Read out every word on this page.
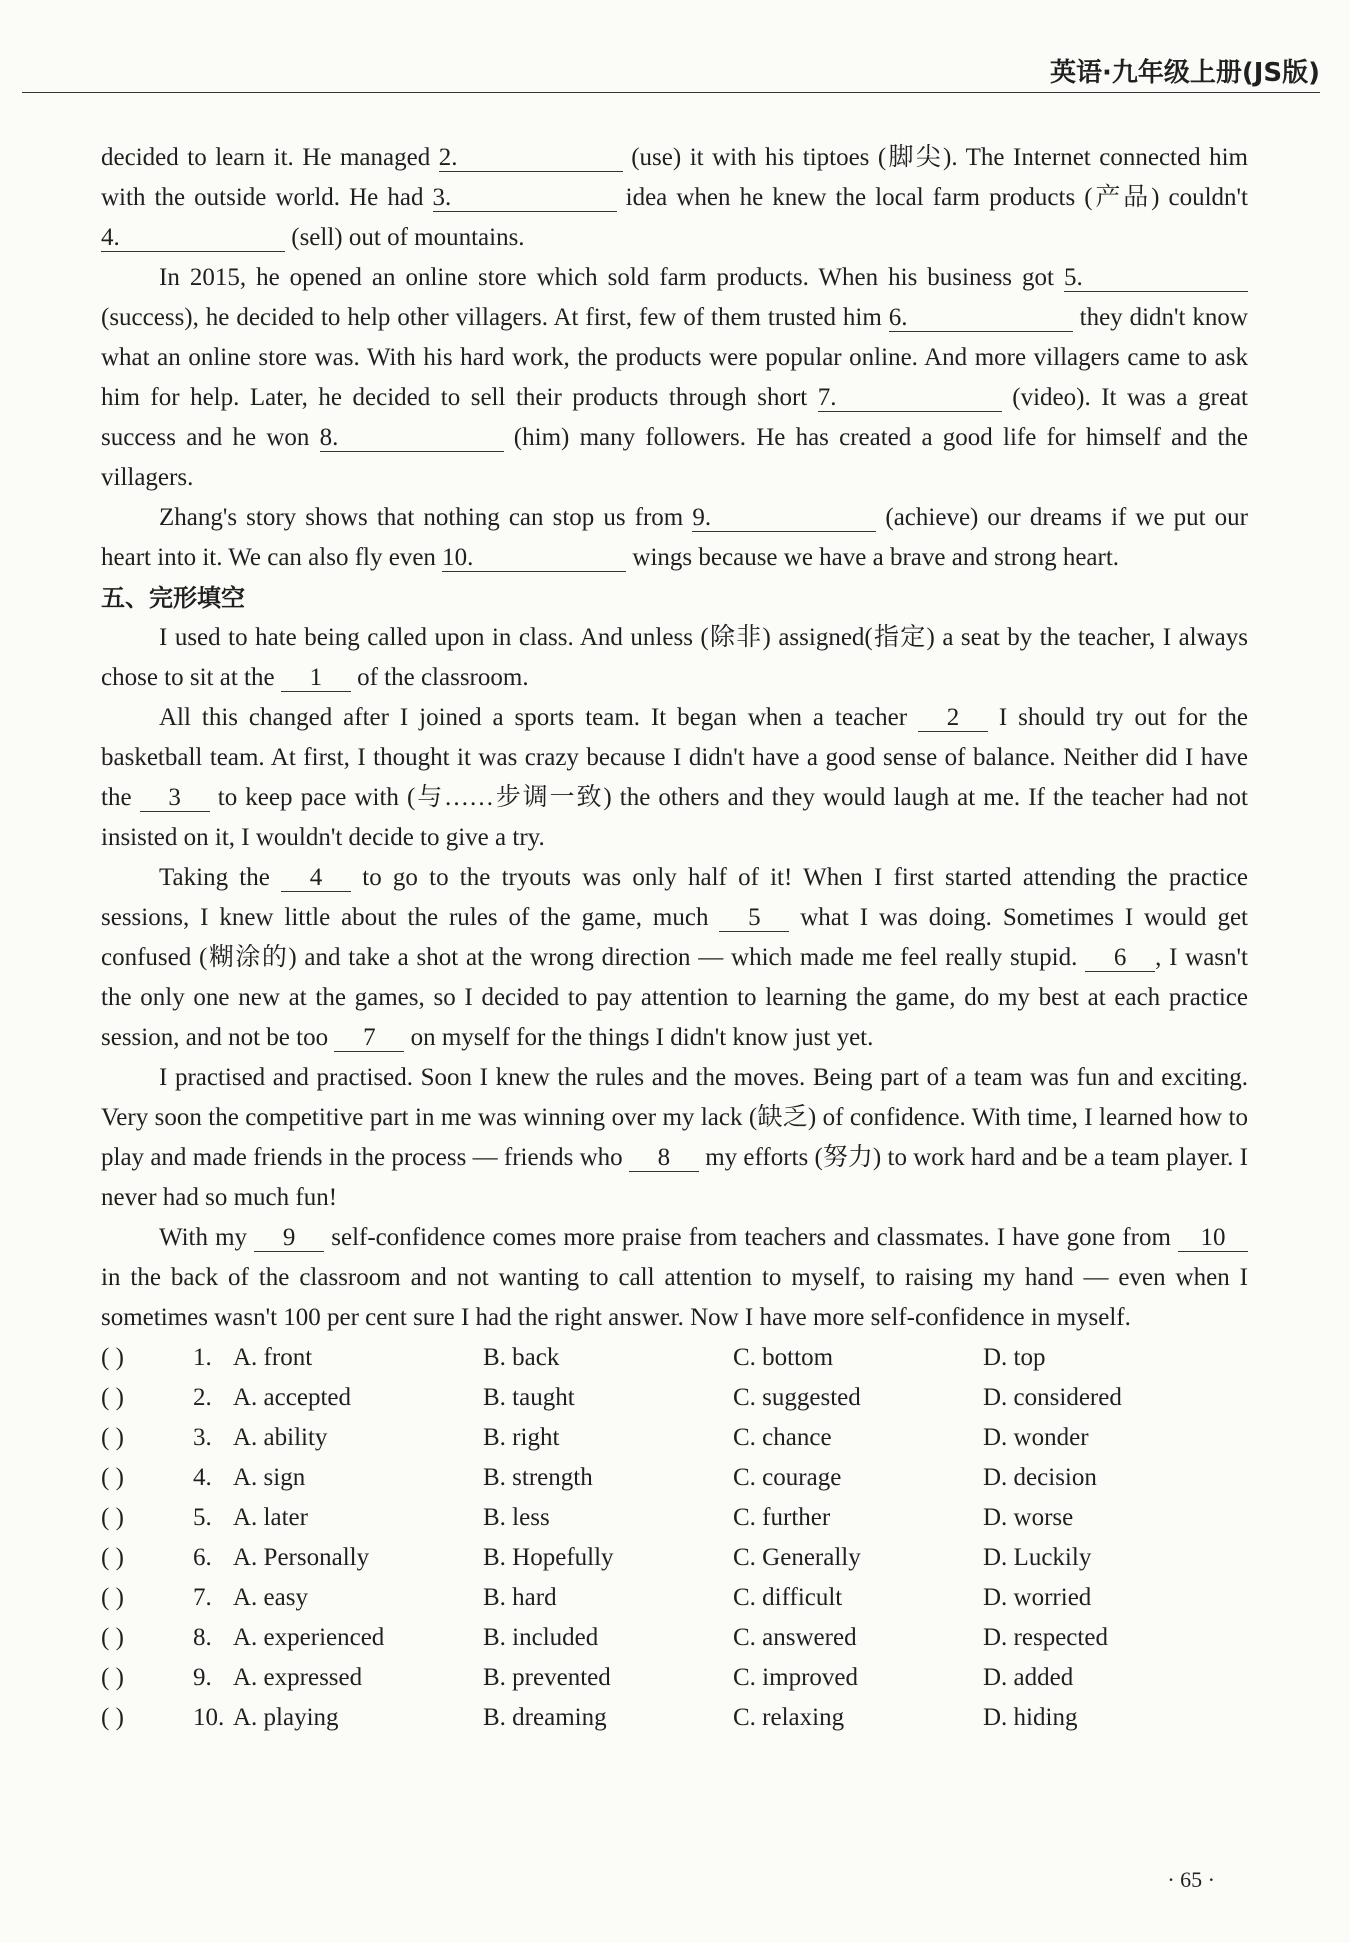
英语·九年级上册(JS版)

decided to learn it. He managed 2.	(use) it with his tiptoes (脚尖). The Internet connected him with the outside world. He had 3.	idea when he knew the local farm products (产品) couldn't 4.	(sell) out of mountains.

In 2015, he opened an online store which sold farm products. When his business got 5. (success), he decided to help other villagers. At first, few of them trusted him 6.	they didn't know what an online store was. With his hard work, the products were popular online. And more villagers came to ask him for help. Later, he decided to sell their products through short 7.	(video). It was a great success and he won 8.	(him) many followers. He has created a good life for himself and the villagers.

Zhang's story shows that nothing can stop us from 9.	(achieve) our dreams if we put our heart into it. We can also fly even 10.	wings because we have a brave and strong heart.

五、完形填空

I used to hate being called upon in class. And unless (除非) assigned(指定) a seat by the teacher, I always chose to sit at the 1 of the classroom.

All this changed after I joined a sports team. It began when a teacher 2 I should try out for the basketball team. At first, I thought it was crazy because I didn't have a good sense of balance. Neither did I have the 3 to keep pace with (与……步调一致) the others and they would laugh at me. If the teacher had not insisted on it, I wouldn't decide to give a try.

Taking the 4 to go to the tryouts was only half of it! When I first started attending the practice sessions, I knew little about the rules of the game, much 5 what I was doing. Sometimes I would get confused (糊涂的) and take a shot at the wrong direction — which made me feel really stupid. 6 , I wasn't the only one new at the games, so I decided to pay attention to learning the game, do my best at each practice session, and not be too 7 on myself for the things I didn't know just yet.

I practised and practised. Soon I knew the rules and the moves. Being part of a team was fun and exciting. Very soon the competitive part in me was winning over my lack (缺乏) of confidence. With time, I learned how to play and made friends in the process — friends who 8 my efforts (努力) to work hard and be a team player. I never had so much fun!

With my 9 self-confidence comes more praise from teachers and classmates. I have gone from 10 in the back of the classroom and not wanting to call attention to myself, to raising my hand — even when I sometimes wasn't 100 per cent sure I had the right answer. Now I have more self-confidence in myself.

( )	1. A. front	B. back	C. bottom	D. top
( )	2. A. accepted	B. taught	C. suggested	D. considered
( )	3. A. ability	B. right	C. chance	D. wonder
( )	4. A. sign	B. strength	C. courage	D. decision
( )	5. A. later	B. less	C. further	D. worse
( )	6. A. Personally	B. Hopefully	C. Generally	D. Luckily
( )	7. A. easy	B. hard	C. difficult	D. worried
( )	8. A. experienced	B. included	C. answered	D. respected
( )	9. A. expressed	B. prevented	C. improved	D. added
( )	10. A. playing	B. dreaming	C. relaxing	D. hiding
· 65 ·
